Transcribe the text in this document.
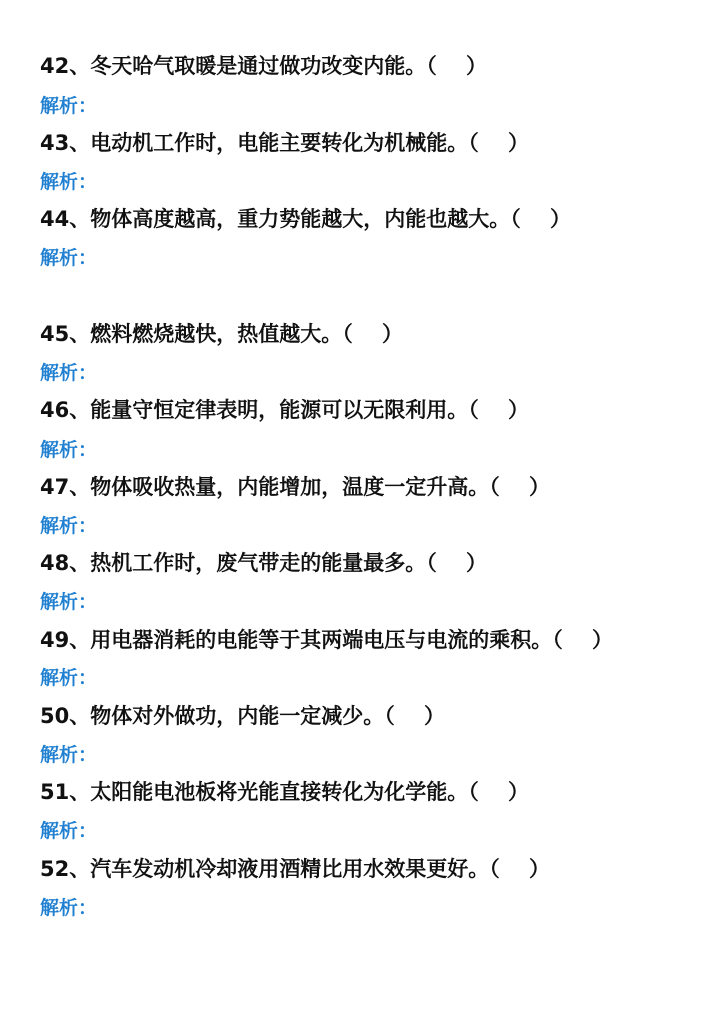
42、冬天哈气取暖是通过做功改变内能。（    ）
解析：
43、电动机工作时，电能主要转化为机械能。（    ）
解析：
44、物体高度越高，重力势能越大，内能也越大。（    ）
解析：
45、燃料燃烧越快，热值越大。（    ）
解析：
46、能量守恒定律表明，能源可以无限利用。（    ）
解析：
47、物体吸收热量，内能增加，温度一定升高。（    ）
解析：
48、热机工作时，废气带走的能量最多。（    ）
解析：
49、用电器消耗的电能等于其两端电压与电流的乘积。（    ）
解析：
50、物体对外做功，内能一定减少。（    ）
解析：
51、太阳能电池板将光能直接转化为化学能。（    ）
解析：
52、汽车发动机冷却液用酒精比用水效果更好。（    ）
解析：
